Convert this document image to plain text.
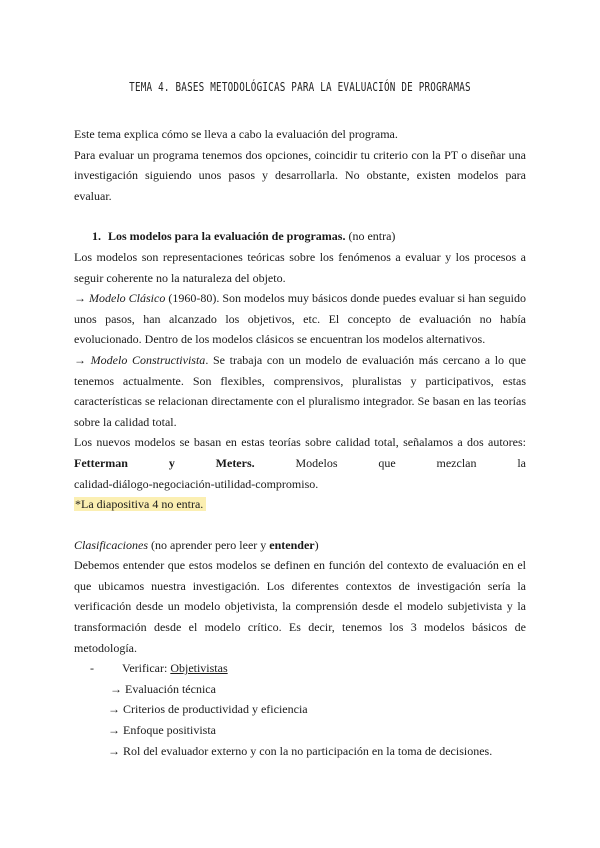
TEMA 4. BASES METODOLÓGICAS PARA LA EVALUACIÓN DE PROGRAMAS

Este tema explica cómo se lleva a cabo la evaluación del programa.

Para evaluar un programa tenemos dos opciones, coincidir tu criterio con la PT o diseñar una investigación siguiendo unos pasos y desarrollarla. No obstante, existen modelos para evaluar.

1. Los modelos para la evaluación de programas. (no entra)

Los modelos son representaciones teóricas sobre los fenómenos a evaluar y los procesos a seguir coherente no la naturaleza del objeto.

→ Modelo Clásico (1960-80). Son modelos muy básicos donde puedes evaluar si han seguido unos pasos, han alcanzado los objetivos, etc. El concepto de evaluación no había evolucionado. Dentro de los modelos clásicos se encuentran los modelos alternativos.

→ Modelo Constructivista. Se trabaja con un modelo de evaluación más cercano a lo que tenemos actualmente. Son flexibles, comprensivos, pluralistas y participativos, estas características se relacionan directamente con el pluralismo integrador. Se basan en las teorías sobre la calidad total.

Los nuevos modelos se basan en estas teorías sobre calidad total, señalamos a dos autores:

Fetterman y Meters. Modelos que mezclan la

calidad-diálogo-negociación-utilidad-compromiso.

*La diapositiva 4 no entra.

Clasificaciones (no aprender pero leer y entender)

Debemos entender que estos modelos se definen en función del contexto de evaluación en el que ubicamos nuestra investigación. Los diferentes contextos de investigación sería la verificación desde un modelo objetivista, la comprensión desde el modelo subjetivista y la transformación desde el modelo crítico. Es decir, tenemos los 3 modelos básicos de metodología.

- Verificar: Objetivistas

→ Evaluación técnica

→ Criterios de productividad y eficiencia

→ Enfoque positivista

→ Rol del evaluador externo y con la no participación en la toma de decisiones.
